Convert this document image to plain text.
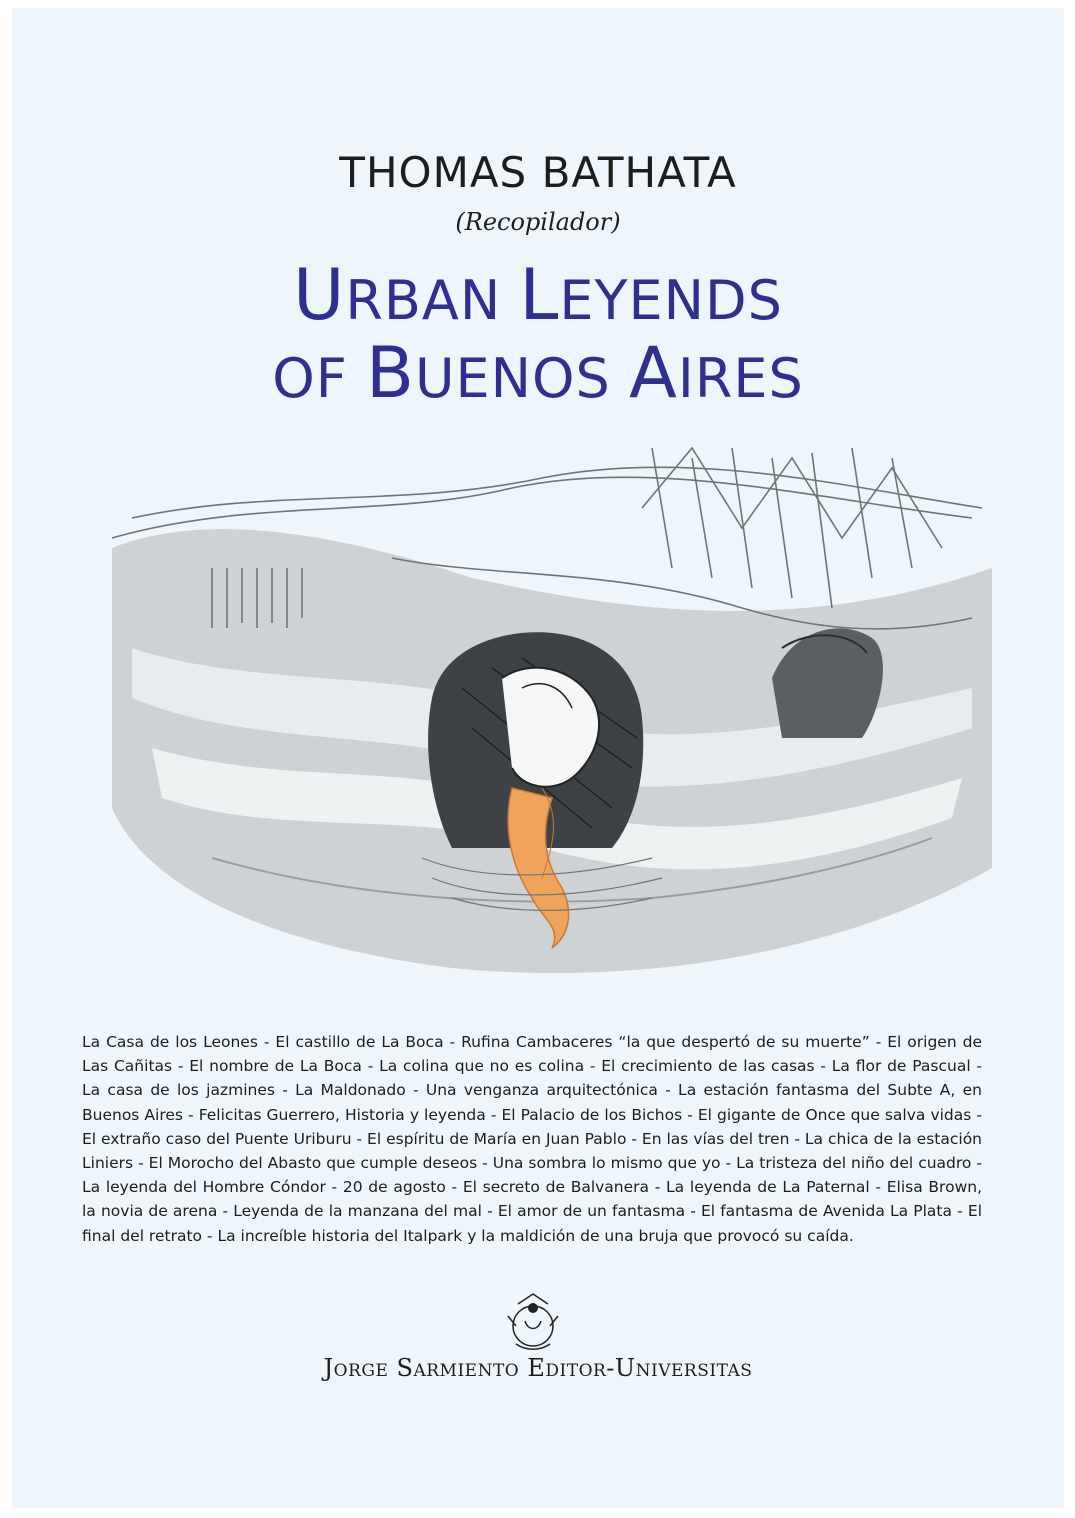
THOMAS BATHATA
(Recopilador)
URBAN LEYENDS
OF BUENOS AIRES
La Casa de los Leones - El castillo de La Boca - Rufina Cambaceres “la que despertó de su muerte” - El origen de Las Cañitas - El nombre de La Boca - La colina que no es colina - El crecimiento de las casas - La flor de Pascual - La casa de los jazmines - La Maldonado - Una venganza arquitectónica - La estación fantasma del Subte A, en Buenos Aires - Felicitas Guerrero, Historia y leyenda - El Palacio de los Bichos - El gigante de Once que salva vidas - El extraño caso del Puente Uriburu - El espíritu de María en Juan Pablo - En las vías del tren - La chica de la estación Liniers - El Morocho del Abasto que cumple deseos - Una sombra lo mismo que yo - La tristeza del niño del cuadro - La leyenda del Hombre Cóndor - 20 de agosto - El secreto de Balvanera - La leyenda de La Paternal - Elisa Brown, la novia de arena - Leyenda de la manzana del mal - El amor de un fantasma - El fantasma de Avenida La Plata - El final del retrato - La increíble historia del Italpark y la maldición de una bruja que provocó su caída.
Jorge Sarmiento Editor-Universitas
